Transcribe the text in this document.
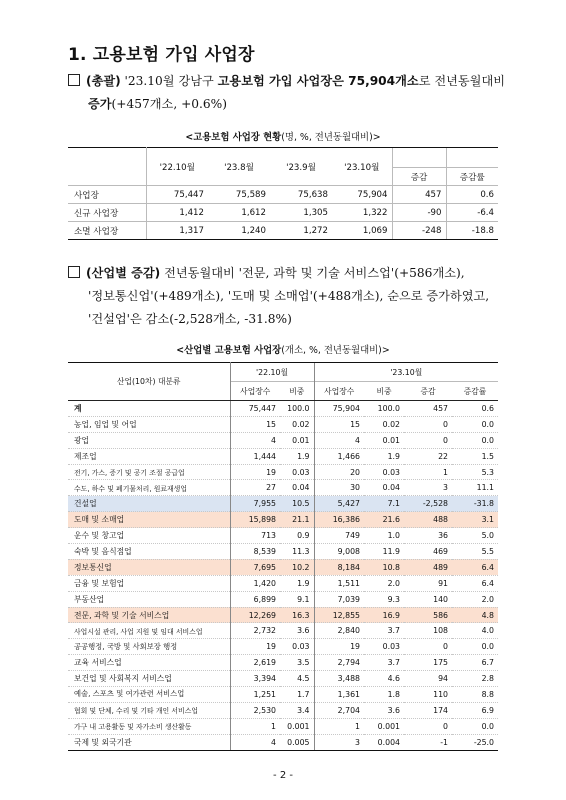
1. 고용보험 가입 사업장
(총괄) '23.10월 강남구 고용보험 가입 사업장은 75,904개소로 전년동월대비
증가(+457개소, +0.6%)
<고용보험 사업장 현황(명, %, 전년동월대비)>
	'22.10월	'23.8월	'23.9월	'23.10월		
					증감	증감률
사업장	75,447	75,589	75,638	75,904	457	0.6
신규 사업장	1,412	1,612	1,305	1,322	-90	-6.4
소멸 사업장	1,317	1,240	1,272	1,069	-248	-18.8
(산업별 증감) 전년동월대비 '전문, 과학 및 기술 서비스업'(+586개소),
'정보통신업'(+489개소), '도매 및 소매업'(+488개소), 순으로 증가하였고,
'건설업'은 감소(-2,528개소, -31.8%)
<산업별 고용보험 사업장(개소, %, 전년동월대비)>
산업(10차) 대분류	'22.10월		'23.10월			
	사업장수	비중	사업장수	비중	증감	증감률
계	75,447	100.0	75,904	100.0	457	0.6
농업, 임업 및 어업	15	0.02	15	0.02	0	0.0
광업	4	0.01	4	0.01	0	0.0
제조업	1,444	1.9	1,466	1.9	22	1.5
전기, 가스, 증기 및 공기 조절 공급업	19	0.03	20	0.03	1	5.3
수도, 하수 및 폐기물처리, 원료재생업	27	0.04	30	0.04	3	11.1
건설업	7,955	10.5	5,427	7.1	-2,528	-31.8
도매 및 소매업	15,898	21.1	16,386	21.6	488	3.1
운수 및 창고업	713	0.9	749	1.0	36	5.0
숙박 및 음식점업	8,539	11.3	9,008	11.9	469	5.5
정보통신업	7,695	10.2	8,184	10.8	489	6.4
금융 및 보험업	1,420	1.9	1,511	2.0	91	6.4
부동산업	6,899	9.1	7,039	9.3	140	2.0
전문, 과학 및 기술 서비스업	12,269	16.3	12,855	16.9	586	4.8
사업시설 관리, 사업 지원 및 임대 서비스업	2,732	3.6	2,840	3.7	108	4.0
공공행정, 국방 및 사회보장 행정	19	0.03	19	0.03	0	0.0
교육 서비스업	2,619	3.5	2,794	3.7	175	6.7
보건업 및 사회복지 서비스업	3,394	4.5	3,488	4.6	94	2.8
예술, 스포츠 및 여가관련 서비스업	1,251	1.7	1,361	1.8	110	8.8
협회 및 단체, 수리 및 기타 개인 서비스업	2,530	3.4	2,704	3.6	174	6.9
가구 내 고용활동 및 자가소비 생산활동	1	0.001	1	0.001	0	0.0
국제 및 외국기관	4	0.005	3	0.004	-1	-25.0
- 2 -
